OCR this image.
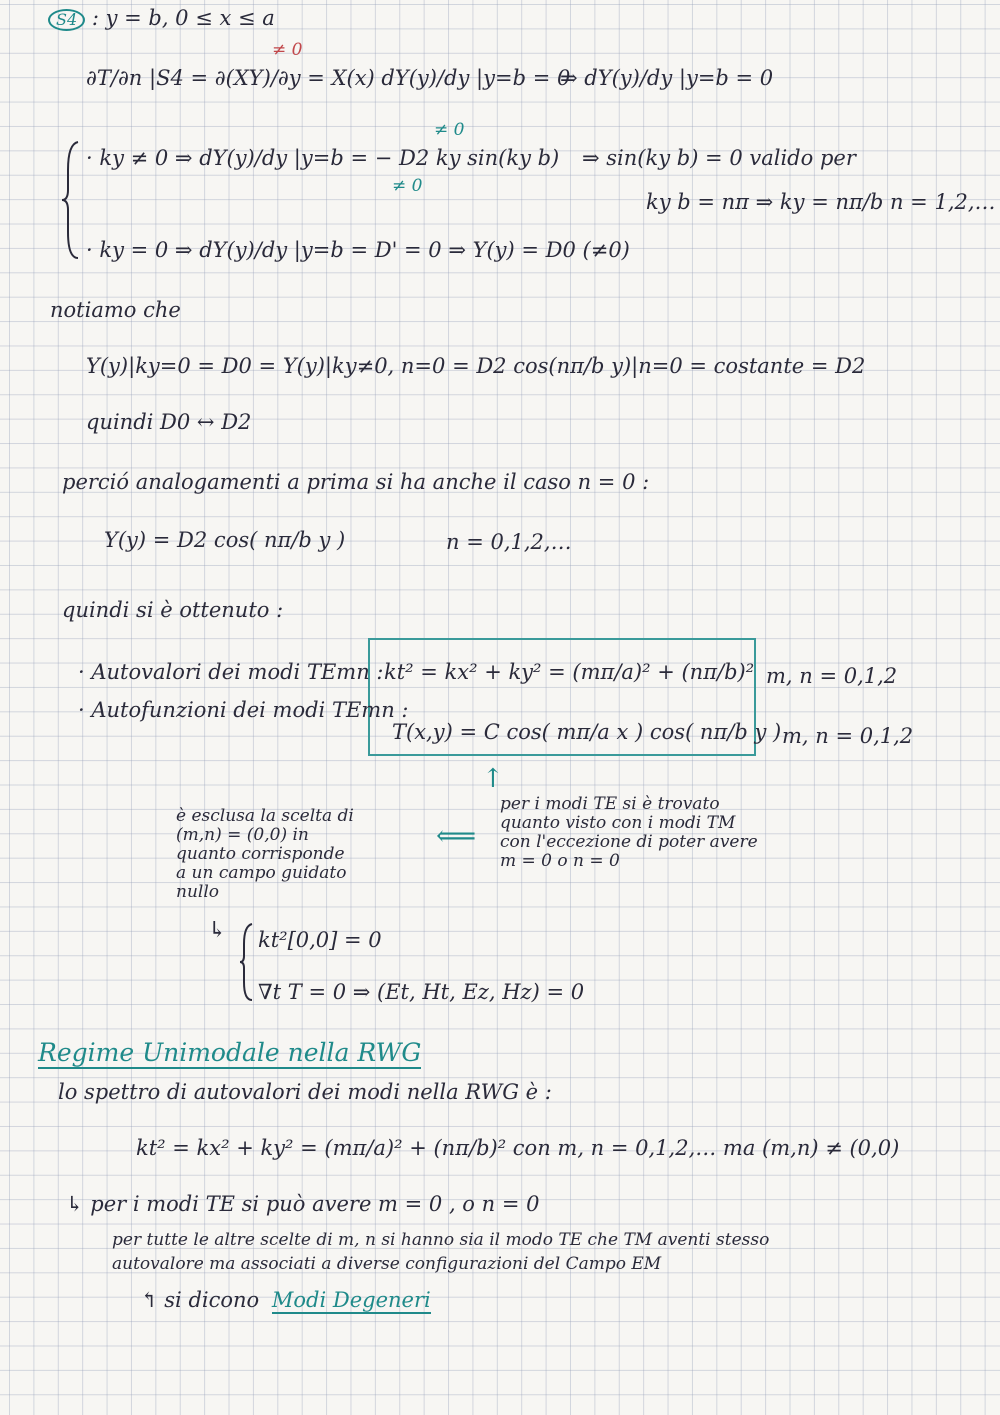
S4 : y = b, 0 ≤ x ≤ a
≠ 0
∂T/∂n |S4 = ∂(XY)/∂y = X(x) dY(y)/dy |y=b = 0
⇒ dY(y)/dy |y=b = 0
≠ 0
· ky ≠ 0 ⇒ dY(y)/dy |y=b = − D2 ky sin(ky b) ⇒ sin(ky b) = 0 valido per
≠ 0
ky b = nπ ⇒ ky = nπ/b n = 1,2,…
· ky = 0 ⇒ dY(y)/dy |y=b = D' = 0 ⇒ Y(y) = D0 (≠0)
notiamo che
Y(y)|ky=0 = D0 = Y(y)|ky≠0, n=0 = D2 cos(nπ/b y)|n=0 = costante = D2
quindi D0 ↔ D2
perció analogamenti a prima si ha anche il caso n = 0 :
Y(y) = D2 cos( nπ/b y )	n = 0,1,2,…
quindi si è ottenuto :
· Autovalori dei modi TEmn : kt² = kx² + ky² = (mπ/a)² + (nπ/b)² m, n = 0,1,2
· Autofunzioni dei modi TEmn :
T(x,y) = C cos( mπ/a x ) cos( nπ/b y ) m, n = 0,1,2
↑
per i modi TE si è trovato
quanto visto con i modi TM
con l'eccezione di poter avere
m = 0 o n = 0
⟸
è esclusa la scelta di
(m,n) = (0,0) in
quanto corrisponde
a un campo guidato
nullo
↳ kt²[0,0] = 0
∇t T = 0 ⇒ (Et, Ht, Ez, Hz) = 0
Regime Unimodale nella RWG
lo spettro di autovalori dei modi nella RWG è :
kt² = kx² + ky² = (mπ/a)² + (nπ/b)² con m, n = 0,1,2,… ma (m,n) ≠ (0,0)
↳ per i modi TE si può avere m = 0 , o n = 0
per tutte le altre scelte di m, n si hanno sia il modo TE che TM aventi stesso
autovalore ma associati a diverse configurazioni del Campo EM
↰ si dicono Modi Degeneri
